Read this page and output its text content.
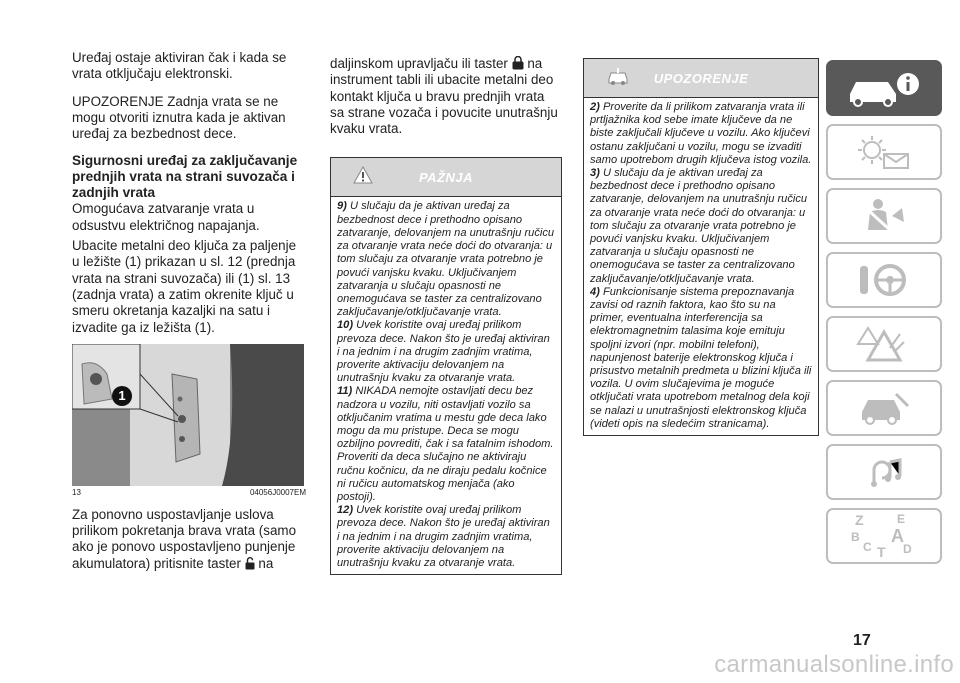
Uređaj ostaje aktiviran čak i kada se vrata otključaju elektronski.

UPOZORENJE Zadnja vrata se ne mogu otvoriti iznutra kada je aktivan uređaj za bezbednost dece.

Sigurnosni uređaj za zaključavanje prednjih vrata na strani suvozača i zadnjih vrata

Omogućava zatvaranje vrata u odsustvu električnog napajanja.

Ubacite metalni deo ključa za paljenje u ležište (1) prikazan u sl. 12 (prednja vrata na strani suvozača) ili (1) sl. 13 (zadnja vrata) a zatim okrenite ključ u smeru okretanja kazaljki na satu i izvadite ga iz ležišta (1).

1
13	04056J0007EM

Za ponovno uspostavljanje uslova prilikom pokretanja brava vrata (samo ako je ponovo uspostavljeno punjenje akumulatora) pritisnite taster na

daljinskom upravljaču ili taster na instrument tabli ili ubacite metalni deo kontakt ključa u bravu prednjih vrata sa strane vozača i povucite unutrašnju kvaku vrata.

PAŽNJA

9) U slučaju da je aktivan uređaj za bezbednost dece i prethodno opisano zatvaranje, delovanjem na unutrašnju ručicu za otvaranje vrata neće doći do otvaranja: u tom slučaju za otvaranje vrata potrebno je povući vanjsku kvaku. Uključivanjem zatvaranja u slučaju opasnosti ne onemogućava se taster za centralizovano zaključavanje/otključavanje vrata.

10) Uvek koristite ovaj uređaj prilikom prevoza dece. Nakon što je uređaj aktiviran i na jednim i na drugim zadnjim vratima, proverite aktivaciju delovanjem na unutrašnju kvaku za otvaranje vrata.

11) NIKADA nemojte ostavljati decu bez nadzora u vozilu, niti ostavljati vozilo sa otključanim vratima u mestu gde deca lako mogu da mu pristupe. Deca se mogu ozbiljno povrediti, čak i sa fatalnim ishodom. Proveriti da deca slučajno ne aktiviraju ručnu kočnicu, da ne diraju pedalu kočnice ni ručicu automatskog menjača (ako postoji).

12) Uvek koristite ovaj uređaj prilikom prevoza dece. Nakon što je uređaj aktiviran i na jednim i na drugim zadnjim vratima, proverite aktivaciju delovanjem na unutrašnju kvaku za otvaranje vrata.

UPOZORENJE

2) Proverite da li prilikom zatvaranja vrata ili prtljažnika kod sebe imate ključeve da ne biste zaključali ključeve u vozilu. Ako ključevi ostanu zaključani u vozilu, mogu se izvaditi samo upotrebom drugih ključeva istog vozila.

3) U slučaju da je aktivan uređaj za bezbednost dece i prethodno opisano zatvaranje, delovanjem na unutrašnju ručicu za otvaranje vrata neće doći do otvaranja: u tom slučaju za otvaranje vrata potrebno je povući vanjsku kvaku. Uključivanjem zatvaranja u slučaju opasnosti ne onemogućava se taster za centralizovano zaključavanje/otključavanje vrata.

4) Funkcionisanje sistema prepoznavanja zavisi od raznih faktora, kao što su na primer, eventualna interferencija sa elektromagnetnim talasima koje emituju spoljni izvori (npr. mobilni telefoni), napunjenost baterije elektronskog ključa i prisustvo metalnih predmeta u blizini ključa ili vozila. U ovim slučajevima je moguće otključati vrata upotrebom metalnog dela koji se nalazi u unutrašnjosti elektronskog ključa (videti opis na sledećim stranicama).

Z	E
B A
C T D
17
carmanualsonline.info
